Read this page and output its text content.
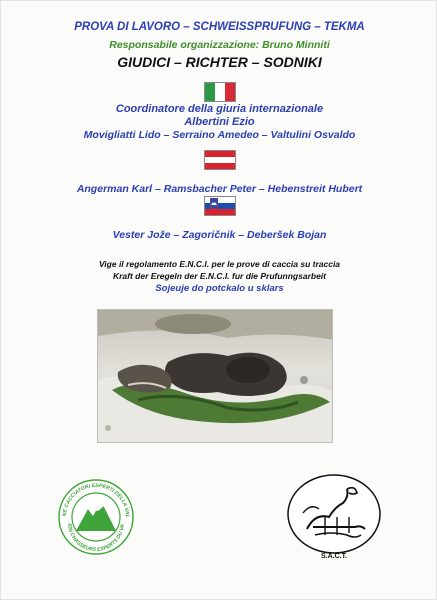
PROVA DI LAVORO – SCHWEISSPRUFUNG – TEKMA
Responsabile organizzazione: Bruno Minniti
GIUDICI – RICHTER – SODNIKI
Coordinatore della giuria internazionale
Albertini Ezio
Movigliatti Lido – Serraino Amedeo – Valtulini Osvaldo
Angerman Karl – Ramsbacher Peter – Hebenstreit Hubert
Vester Jože – Zagoričnik – Deberšek Bojan
Vige il regolamento E.N.C.I. per le prove di caccia su traccia
Kraft der Eregeln der E.N.C.I. fur die Prufunngsarbeit
Sojeuje do potckalo u sklars
NE CACCIATORI ESPERTI DELLA VAL
ION CHASSEURS EXPERTS DU VA
S.A.C.T.
